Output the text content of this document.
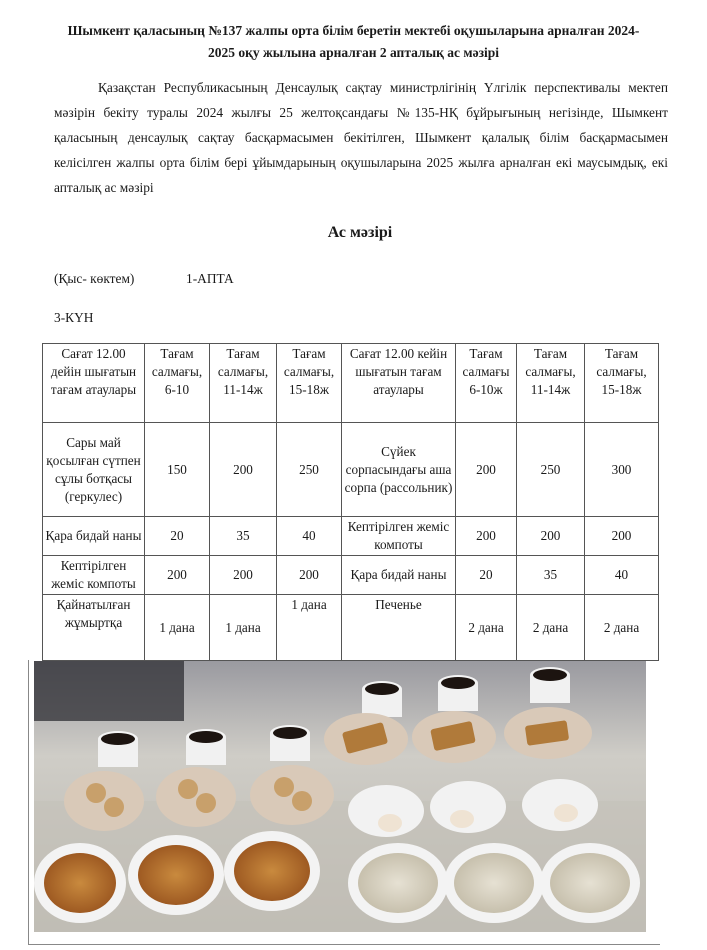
Шымкент қаласының №137 жалпы орта білім беретін мектебі оқушыларына арналған 2024-
2025 оқу жылына арналған 2 апталық ас мәзірі
Қазақстан Республикасының Денсаулық сақтау министрлігінің Үлгілік перспективалы мектеп мәзірін бекіту туралы 2024 жылғы 25 желтоқсандағы №135-НҚ бұйрығының негізінде, Шымкент қаласының денсаулық сақтау басқармасымен бекітілген, Шымкент қалалық білім басқармасымен келісілген жалпы орта білім бері ұйымдарының оқушыларына 2025 жылға арналған екі маусымдық, екі апталық ас мәзірі
Ас мәзірі
(Қыс- көктем)	1-АПТА
3-КҮН
Сағат 12.00 дейін шығатын тағам атаулары	Тағам салмағы, 6-10	Тағам салмағы, 11-14ж	Тағам салмағы, 15-18ж	Сағат 12.00 кейін шығатын тағам атаулары	Тағам салмағы 6-10ж	Тағам салмағы, 11-14ж	Тағам салмағы, 15-18ж
Сары май қосылған сүтпен сұлы ботқасы (геркулес)	150	200	250	Сүйек сорпасындағы аша сорпа (рассольник)	200	250	300
Қара бидай наны	20	35	40	Кептірілген жеміс компоты	200	200	200
Кептірілген жеміс компоты	200	200	200	Қара бидай наны	20	35	40
Қайнатылған жұмыртқа	1 дана	1 дана	1 дана	Печенье	2 дана	2 дана	2 дана
